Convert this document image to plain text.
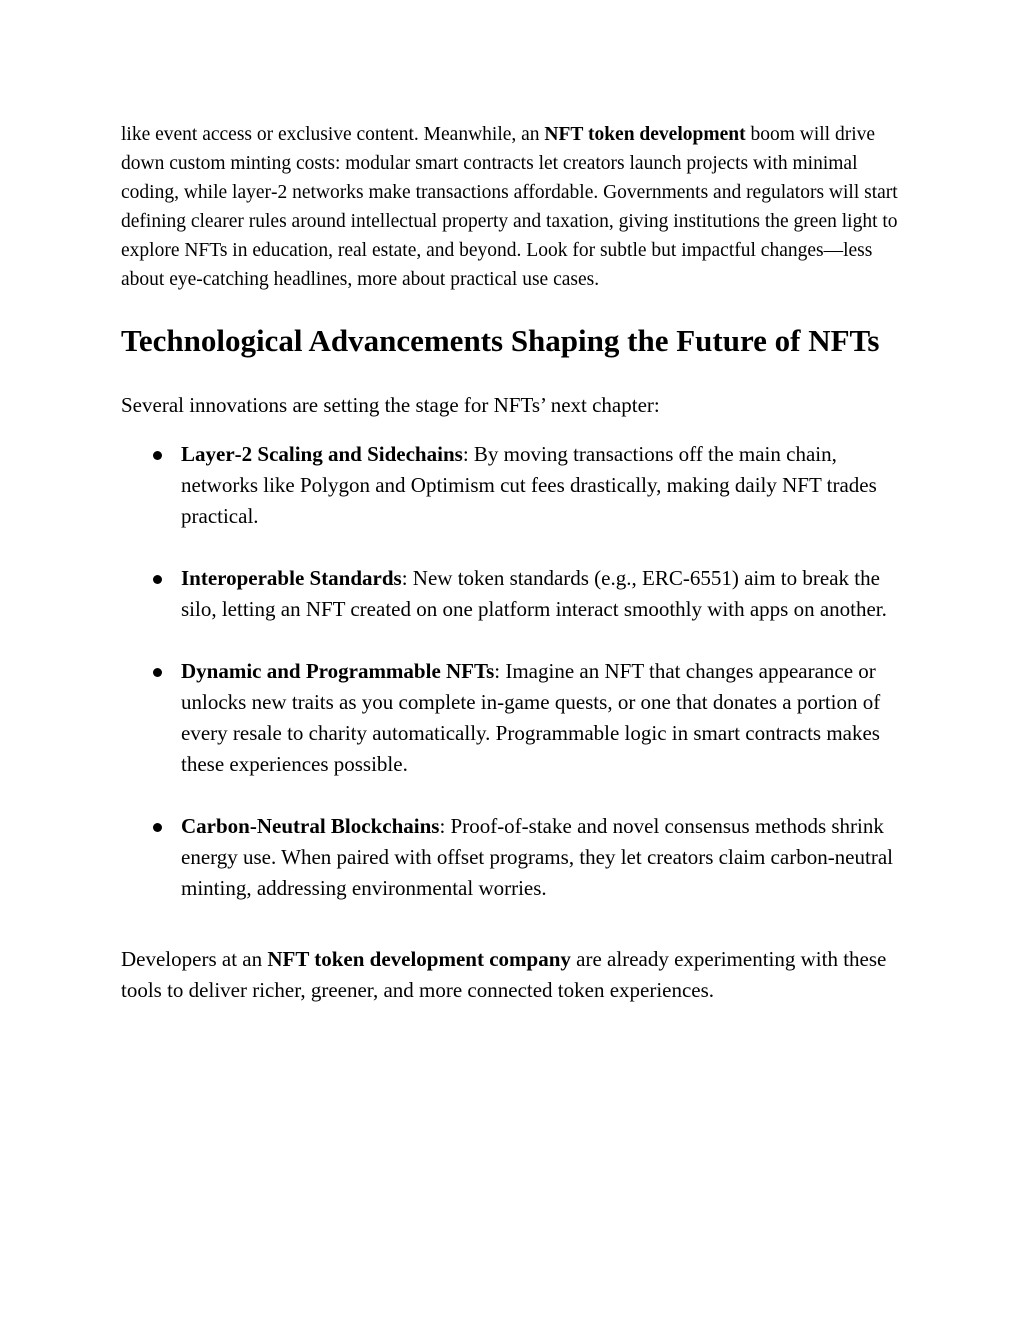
like event access or exclusive content. Meanwhile, an NFT token development boom will drive down custom minting costs: modular smart contracts let creators launch projects with minimal coding, while layer‑2 networks make transactions affordable. Governments and regulators will start defining clearer rules around intellectual property and taxation, giving institutions the green light to explore NFTs in education, real estate, and beyond. Look for subtle but impactful changes—less about eye‑catching headlines, more about practical use cases.

Technological Advancements Shaping the Future of NFTs

Several innovations are setting the stage for NFTs’ next chapter:

Layer‑2 Scaling and Sidechains: By moving transactions off the main chain, networks like Polygon and Optimism cut fees drastically, making daily NFT trades practical.
Interoperable Standards: New token standards (e.g., ERC‑6551) aim to break the silo, letting an NFT created on one platform interact smoothly with apps on another.
Dynamic and Programmable NFTs: Imagine an NFT that changes appearance or unlocks new traits as you complete in‑game quests, or one that donates a portion of every resale to charity automatically. Programmable logic in smart contracts makes these experiences possible.
Carbon‑Neutral Blockchains: Proof‑of‑stake and novel consensus methods shrink energy use. When paired with offset programs, they let creators claim carbon‑neutral minting, addressing environmental worries.

Developers at an NFT token development company are already experimenting with these tools to deliver richer, greener, and more connected token experiences.
